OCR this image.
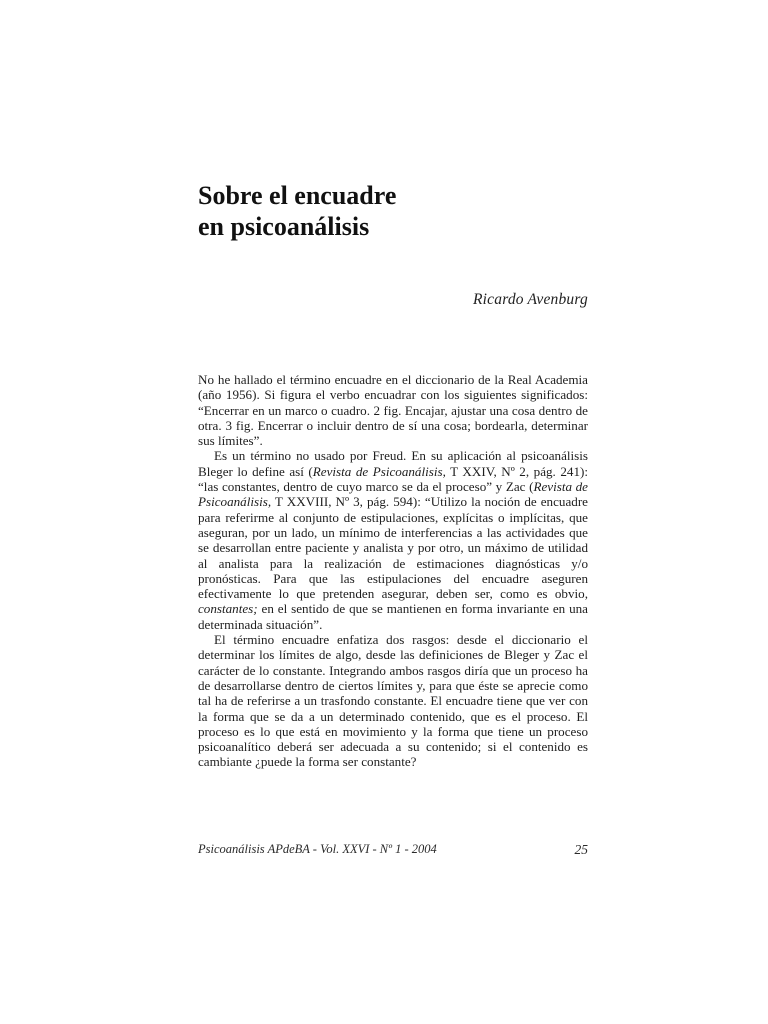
Sobre el encuadre
en psicoanálisis
Ricardo Avenburg

No he hallado el término encuadre en el diccionario de la Real Academia (año 1956). Si figura el verbo encuadrar con los siguientes significados: “Encerrar en un marco o cuadro. 2 fig. Encajar, ajustar una cosa dentro de otra. 3 fig. Encerrar o incluir dentro de sí una cosa; bordearla, determinar sus límites”.

Es un término no usado por Freud. En su aplicación al psicoanálisis Bleger lo define así (Revista de Psicoanálisis, T XXIV, Nº 2, pág. 241): “las constantes, dentro de cuyo marco se da el proceso” y Zac (Revista de Psicoanálisis, T XXVIII, Nº 3, pág. 594): “Utilizo la noción de encuadre para referirme al conjunto de estipulaciones, explícitas o implícitas, que aseguran, por un lado, un mínimo de interferencias a las actividades que se desarrollan entre paciente y analista y por otro, un máximo de utilidad al analista para la realización de estimaciones diagnósticas y/o pronósticas. Para que las estipulaciones del encuadre aseguren efectivamente lo que pretenden asegurar, deben ser, como es obvio, constantes; en el sentido de que se mantienen en forma invariante en una determinada situación”.

El término encuadre enfatiza dos rasgos: desde el diccionario el determinar los límites de algo, desde las definiciones de Bleger y Zac el carácter de lo constante. Integrando ambos rasgos diría que un proceso ha de desarrollarse dentro de ciertos límites y, para que éste se aprecie como tal ha de referirse a un trasfondo constante. El encuadre tiene que ver con la forma que se da a un determinado contenido, que es el proceso. El proceso es lo que está en movimiento y la forma que tiene un proceso psicoanalítico deberá ser adecuada a su contenido; si el contenido es cambiante ¿puede la forma ser constante?

Psicoanálisis APdeBA - Vol. XXVI - Nº 1 - 2004	25
